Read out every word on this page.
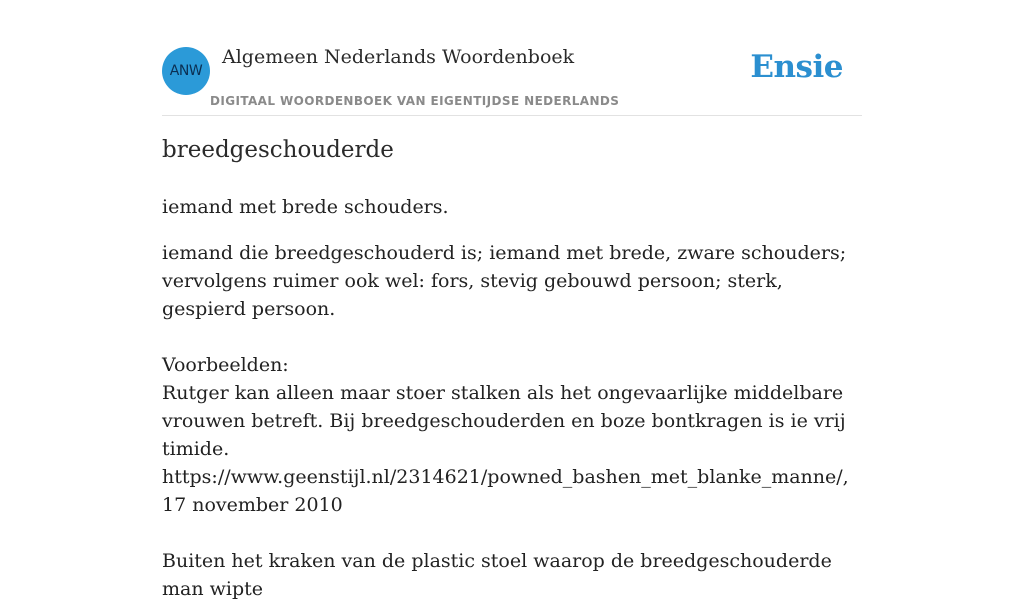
ANW
Algemeen Nederlands Woordenboek
DIGITAAL WOORDENBOEK VAN EIGENTIJDSE NEDERLANDS
Ensie
breedgeschouderde
iemand met brede schouders.

iemand die breedgeschouderd is; iemand met brede, zware schouders; vervolgens ruimer ook wel: fors, stevig gebouwd persoon; sterk, gespierd persoon.

Voorbeelden:

Rutger kan alleen maar stoer stalken als het ongevaarlijke middelbare vrouwen betreft. Bij breedgeschouderden en boze bontkragen is ie vrij timide.

https://www.geenstijl.nl/2314621/powned_bashen_met_blanke_manne/, 17 november 2010

Buiten het kraken van de plastic stoel waarop de breedgeschouderde man wipte
